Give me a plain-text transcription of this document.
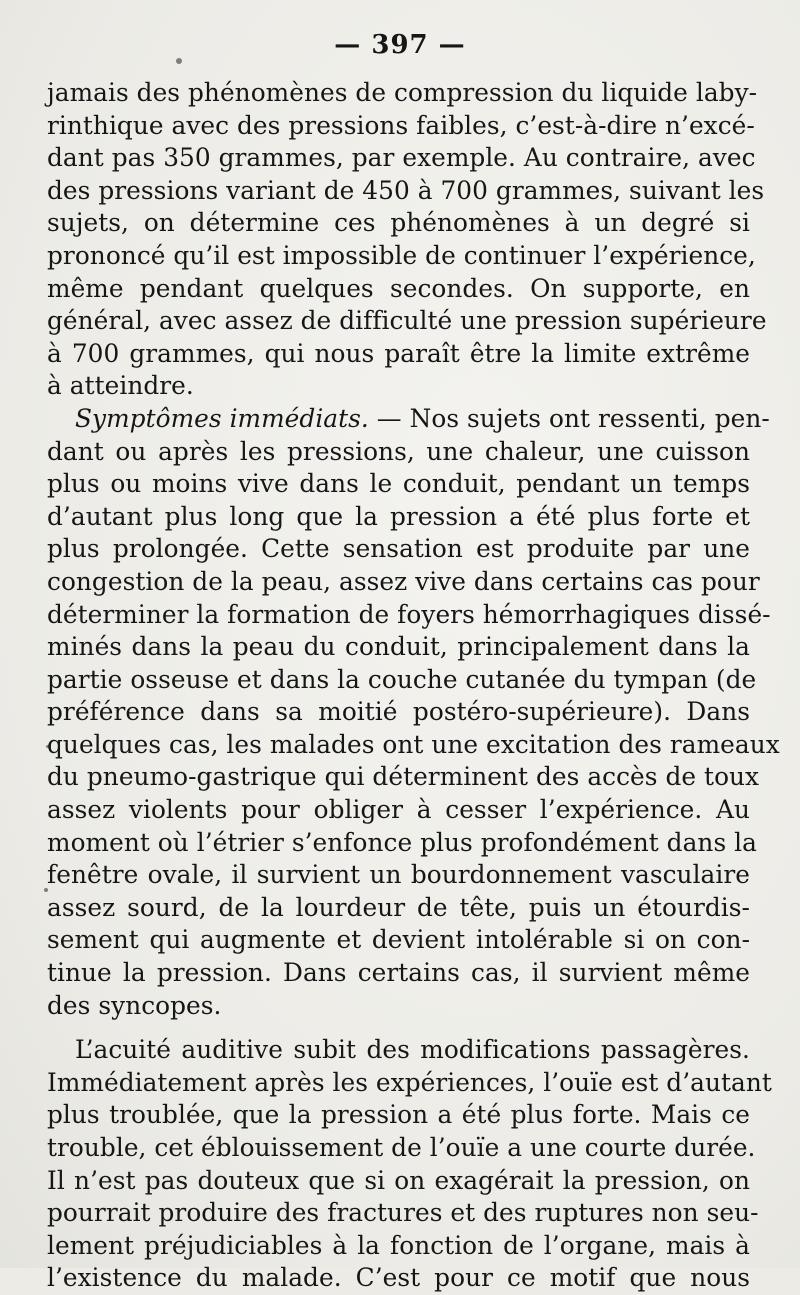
— 397 —
jamais des phénomènes de compression du liquide laby-
rinthique avec des pressions faibles, c’est-à-dire n’excé-
dant pas 350 grammes, par exemple. Au contraire, avec
des pressions variant de 450 à 700 grammes, suivant les
sujets, on détermine ces phénomènes à un degré si
prononcé qu’il est impossible de continuer l’expérience,
même pendant quelques secondes. On supporte, en
général, avec assez de difficulté une pression supérieure
à 700 grammes, qui nous paraît être la limite extrême
à atteindre.
Symptômes immédiats. — Nos sujets ont ressenti, pen-
dant ou après les pressions, une chaleur, une cuisson
plus ou moins vive dans le conduit, pendant un temps
d’autant plus long que la pression a été plus forte et
plus prolongée. Cette sensation est produite par une
congestion de la peau, assez vive dans certains cas pour
déterminer la formation de foyers hémorrhagiques dissé-
minés dans la peau du conduit, principalement dans la
partie osseuse et dans la couche cutanée du tympan (de
préférence dans sa moitié postéro-supérieure). Dans
quelques cas, les malades ont une excitation des rameaux
du pneumo-gastrique qui déterminent des accès de toux
assez violents pour obliger à cesser l’expérience. Au
moment où l’étrier s’enfonce plus profondément dans la
fenêtre ovale, il survient un bourdonnement vasculaire
assez sourd, de la lourdeur de tête, puis un étourdis-
sement qui augmente et devient intolérable si on con-
tinue la pression. Dans certains cas, il survient même
des syncopes.
L’acuité auditive subit des modifications passagères.
Immédiatement après les expériences, l’ouïe est d’autant
plus troublée, que la pression a été plus forte. Mais ce
trouble, cet éblouissement de l’ouïe a une courte durée.
Il n’est pas douteux que si on exagérait la pression, on
pourrait produire des fractures et des ruptures non seu-
lement préjudiciables à la fonction de l’organe, mais à
l’existence du malade. C’est pour ce motif que nous
